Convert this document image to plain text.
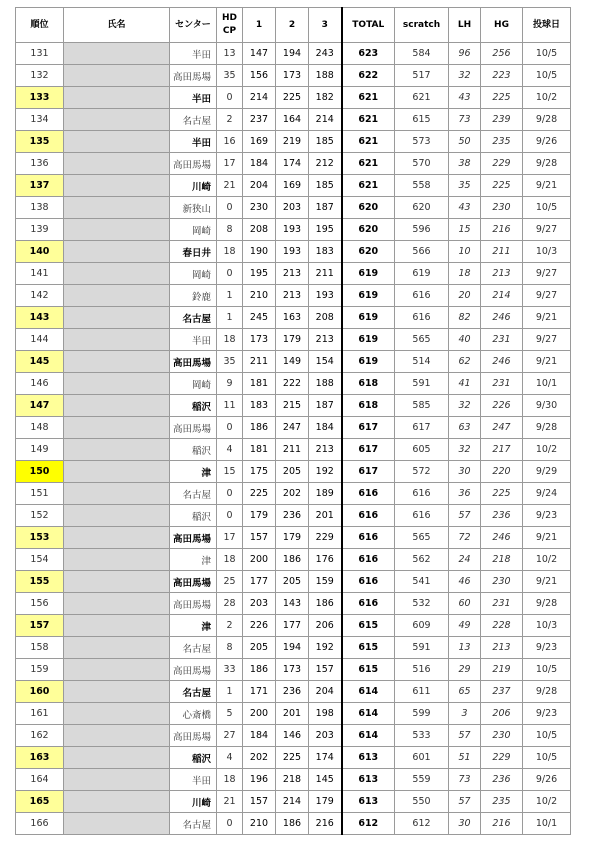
順位	氏名	センター	HD
CP	1	2	3	TOTAL	scratch	LH	HG	投球日
131		半田	13	147	194	243	623	584	96	256	10/5
132		高田馬場	35	156	173	188	622	517	32	223	10/5
133		半田	0	214	225	182	621	621	43	225	10/2
134		名古屋	2	237	164	214	621	615	73	239	9/28
135		半田	16	169	219	185	621	573	50	235	9/26
136		高田馬場	17	184	174	212	621	570	38	229	9/28
137		川崎	21	204	169	185	621	558	35	225	9/21
138		新狭山	0	230	203	187	620	620	43	230	10/5
139		岡崎	8	208	193	195	620	596	15	216	9/27
140		春日井	18	190	193	183	620	566	10	211	10/3
141		岡崎	0	195	213	211	619	619	18	213	9/27
142		鈴鹿	1	210	213	193	619	616	20	214	9/27
143		名古屋	1	245	163	208	619	616	82	246	9/21
144		半田	18	173	179	213	619	565	40	231	9/27
145		高田馬場	35	211	149	154	619	514	62	246	9/21
146		岡崎	9	181	222	188	618	591	41	231	10/1
147		稲沢	11	183	215	187	618	585	32	226	9/30
148		高田馬場	0	186	247	184	617	617	63	247	9/28
149		稲沢	4	181	211	213	617	605	32	217	10/2
150		津	15	175	205	192	617	572	30	220	9/29
151		名古屋	0	225	202	189	616	616	36	225	9/24
152		稲沢	0	179	236	201	616	616	57	236	9/23
153		高田馬場	17	157	179	229	616	565	72	246	9/21
154		津	18	200	186	176	616	562	24	218	10/2
155		高田馬場	25	177	205	159	616	541	46	230	9/21
156		高田馬場	28	203	143	186	616	532	60	231	9/28
157		津	2	226	177	206	615	609	49	228	10/3
158		名古屋	8	205	194	192	615	591	13	213	9/23
159		高田馬場	33	186	173	157	615	516	29	219	10/5
160		名古屋	1	171	236	204	614	611	65	237	9/28
161		心斎橋	5	200	201	198	614	599	3	206	9/23
162		高田馬場	27	184	146	203	614	533	57	230	10/5
163		稲沢	4	202	225	174	613	601	51	229	10/5
164		半田	18	196	218	145	613	559	73	236	9/26
165		川崎	21	157	214	179	613	550	57	235	10/2
166		名古屋	0	210	186	216	612	612	30	216	10/1
